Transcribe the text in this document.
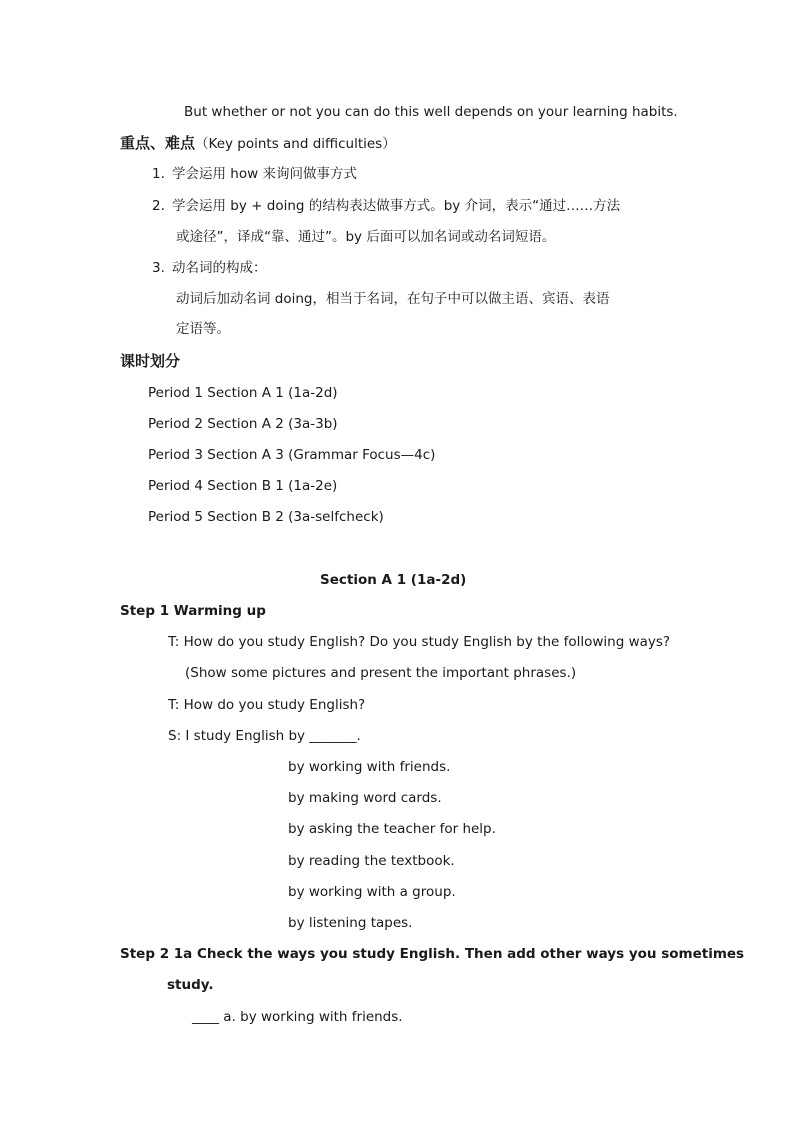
But whether or not you can do this well depends on your learning habits.
重点、难点（Key points and difficulties）
1. 学会运用 how 来询问做事方式
2. 学会运用 by + doing 的结构表达做事方式。by 介词，表示“通过……方法
或途径”，译成“靠、通过”。by 后面可以加名词或动名词短语。
3. 动名词的构成：
动词后加动名词 doing，相当于名词，在句子中可以做主语、宾语、表语
定语等。
课时划分
Period 1 Section A 1 (1a-2d)
Period 2 Section A 2 (3a-3b)
Period 3 Section A 3 (Grammar Focus—4c)
Period 4 Section B 1 (1a-2e)
Period 5 Section B 2 (3a-selfcheck)
Section A 1 (1a-2d)
Step 1 Warming up
T: How do you study English? Do you study English by the following ways?
(Show some pictures and present the important phrases.)
T: How do you study English?
S: I study English by _______.
by working with friends.
by making word cards.
by asking the teacher for help.
by reading the textbook.
by working with a group.
by listening tapes.
Step 2 1a Check the ways you study English. Then add other ways you sometimes
study.
____ a. by working with friends.
